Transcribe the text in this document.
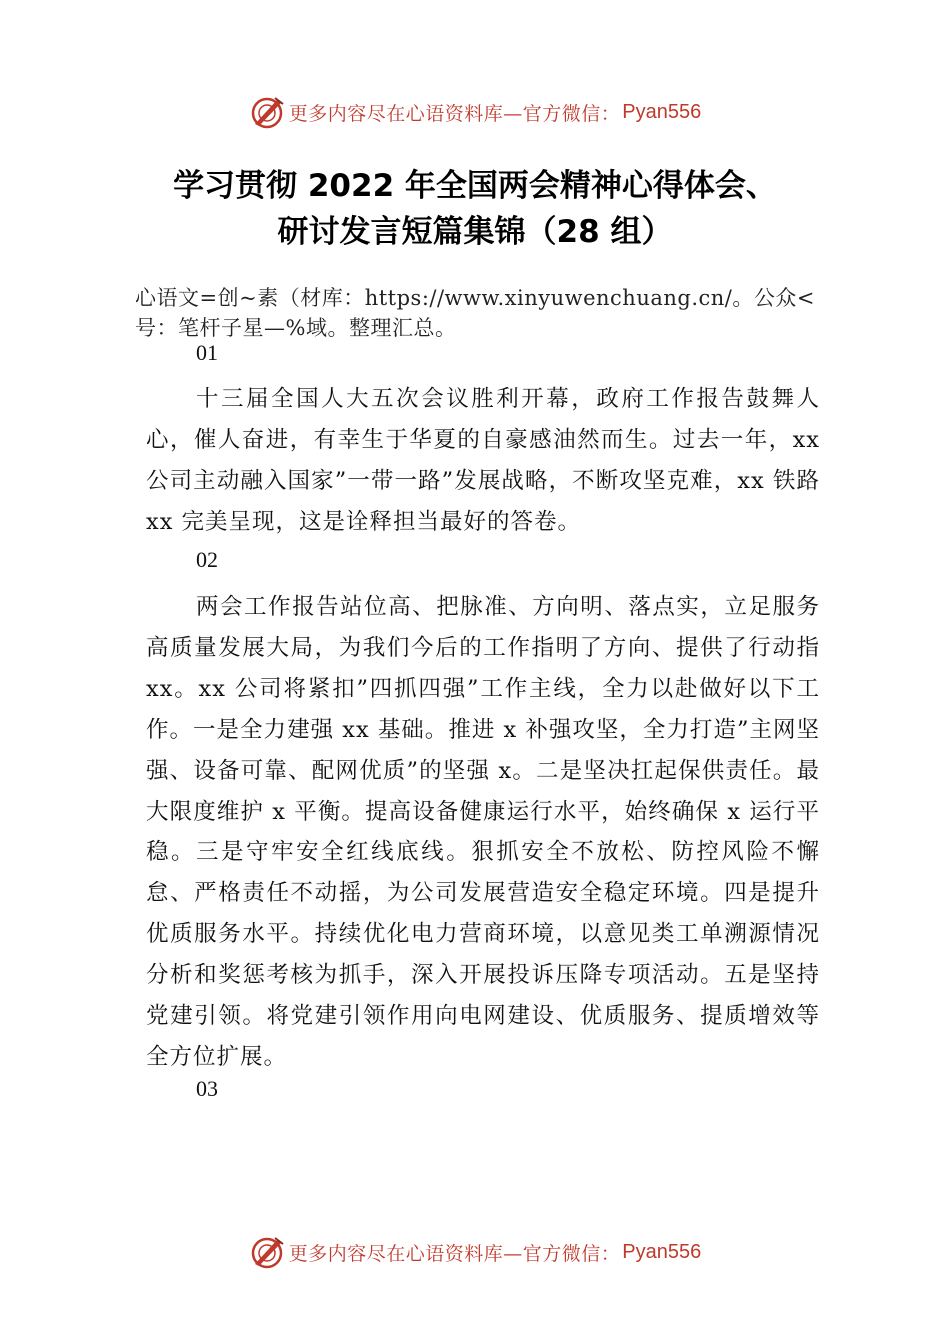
更多内容尽在心语资料库—官方微信： Pyan556
学习贯彻 2022 年全国两会精神心得体会、
研讨发言短篇集锦（28 组）
心语文=创~素（材库：https://www.xinyuwenchuang.cn/。公众<号：笔杆子星—%域。整理汇总。
01
十三届全国人大五次会议胜利开幕，政府工作报告鼓舞人心，催人奋进，有幸生于华夏的自豪感油然而生。过去一年，xx 公司主动融入国家”一带一路”发展战略，不断攻坚克难，xx 铁路 xx 完美呈现，这是诠释担当最好的答卷。
02
两会工作报告站位高、把脉准、方向明、落点实，立足服务高质量发展大局，为我们今后的工作指明了方向、提供了行动指 xx。xx 公司将紧扣”四抓四强”工作主线，全力以赴做好以下工作。一是全力建强 xx 基础。推进 x 补强攻坚，全力打造”主网坚强、设备可靠、配网优质”的坚强 x。二是坚决扛起保供责任。最大限度维护 x 平衡。提高设备健康运行水平，始终确保 x 运行平稳。三是守牢安全红线底线。狠抓安全不放松、防控风险不懈怠、严格责任不动摇，为公司发展营造安全稳定环境。四是提升优质服务水平。持续优化电力营商环境，以意见类工单溯源情况分析和奖惩考核为抓手，深入开展投诉压降专项活动。五是坚持党建引领。将党建引领作用向电网建设、优质服务、提质增效等全方位扩展。
03
更多内容尽在心语资料库—官方微信： Pyan556
